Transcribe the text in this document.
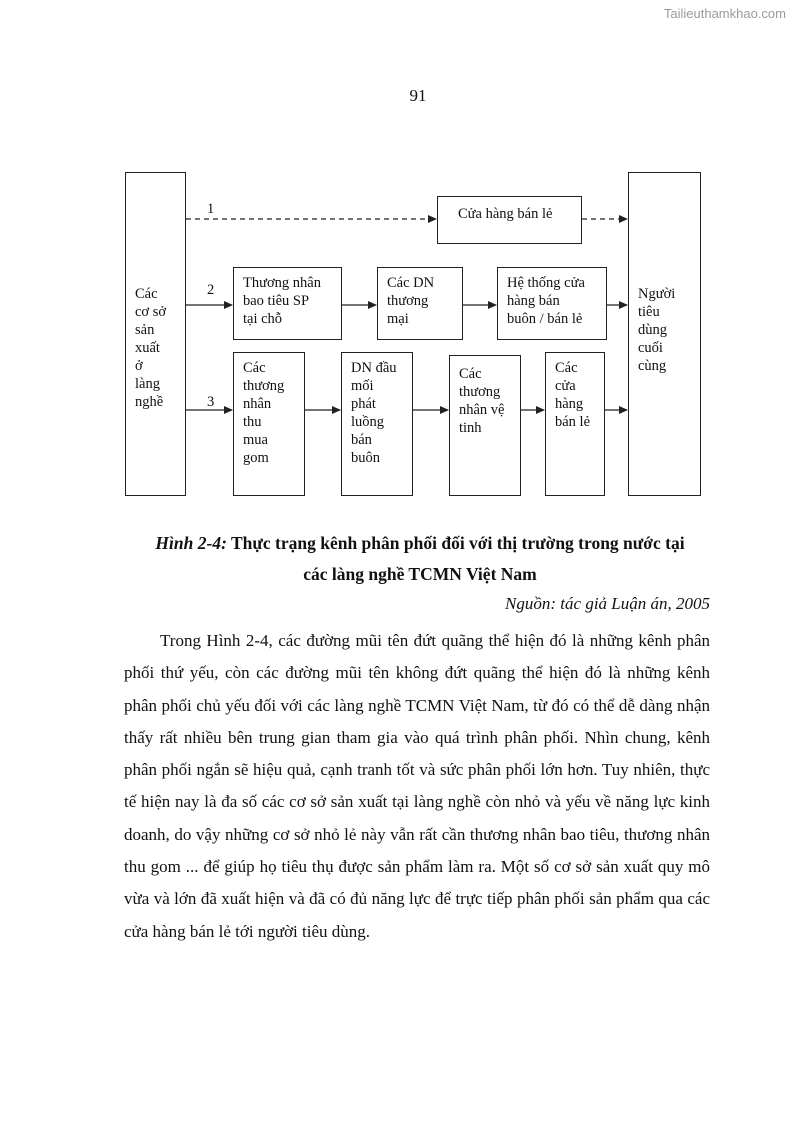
Tailieuthamkhao.com
91
1
2
3
Các
cơ sở
sản
xuất
ở
làng
nghề
Người
tiêu
dùng
cuối
cùng
Cửa hàng bán lẻ
Thương nhân
bao tiêu SP
tại chỗ
Các DN
thương
mại
Hệ thống cửa
hàng bán
buôn / bán lẻ
Các
thương
nhân
thu
mua
gom
DN đầu
mối
phát
luồng
bán
buôn
Các
thương
nhân vệ
tinh
Các
cửa
hàng
bán lẻ
Hình 2-4: Thực trạng kênh phân phối đối với thị trường trong nước tại
các làng nghề TCMN Việt Nam
Nguồn: tác giả Luận án, 2005

Trong Hình 2-4, các đường mũi tên đứt quãng thể hiện đó là những kênh phân phối thứ yếu, còn các đường mũi tên không đứt quãng thể hiện đó là những kênh phân phối chủ yếu đối với các làng nghề TCMN Việt Nam, từ đó có thể dễ dàng nhận thấy rất nhiều bên trung gian tham gia vào quá trình phân phối. Nhìn chung, kênh phân phối ngắn sẽ hiệu quả, cạnh tranh tốt và sức phân phối lớn hơn. Tuy nhiên, thực tế hiện nay là đa số các cơ sở sản xuất tại làng nghề còn nhỏ và yếu về năng lực kinh doanh, do vậy những cơ sở nhỏ lẻ này vẫn rất cần thương nhân bao tiêu, thương nhân thu gom ... để giúp họ tiêu thụ được sản phẩm làm ra. Một số cơ sở sản xuất quy mô vừa và lớn đã xuất hiện và đã có đủ năng lực để trực tiếp phân phối sản phẩm qua các cửa hàng bán lẻ tới người tiêu dùng.
